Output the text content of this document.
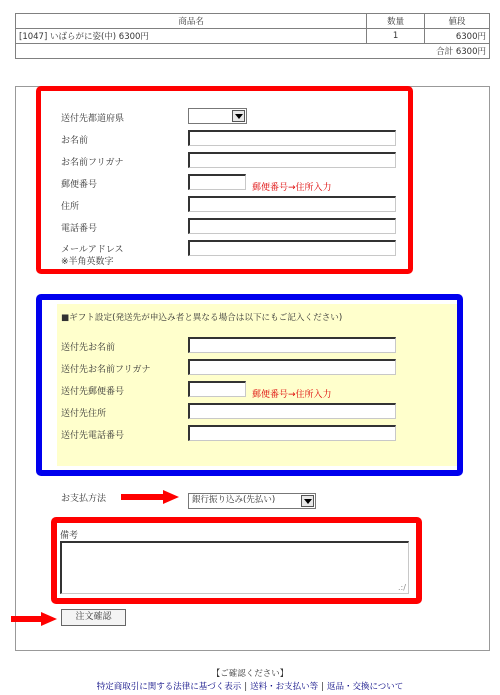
商品名	数量	値段
[1047] いばらがに姿(中) 6300円	1	6300円
合計 6300円		
送付先都道府県
お名前
お名前フリガナ
郵便番号	郵便番号→住所入力
住所
電話番号
メールアドレス
※半角英数字
■ギフト設定(発送先が申込み者と異なる場合は以下にもご記入ください)
送付先お名前
送付先お名前フリガナ
送付先郵便番号	郵便番号→住所入力
送付先住所
送付先電話番号
お支払方法	銀行振り込み(先払い)
備考
.:/
注文確認
【ご確認ください】
特定商取引に関する法律に基づく表示 | 送料・お支払い等 | 返品・交換について
